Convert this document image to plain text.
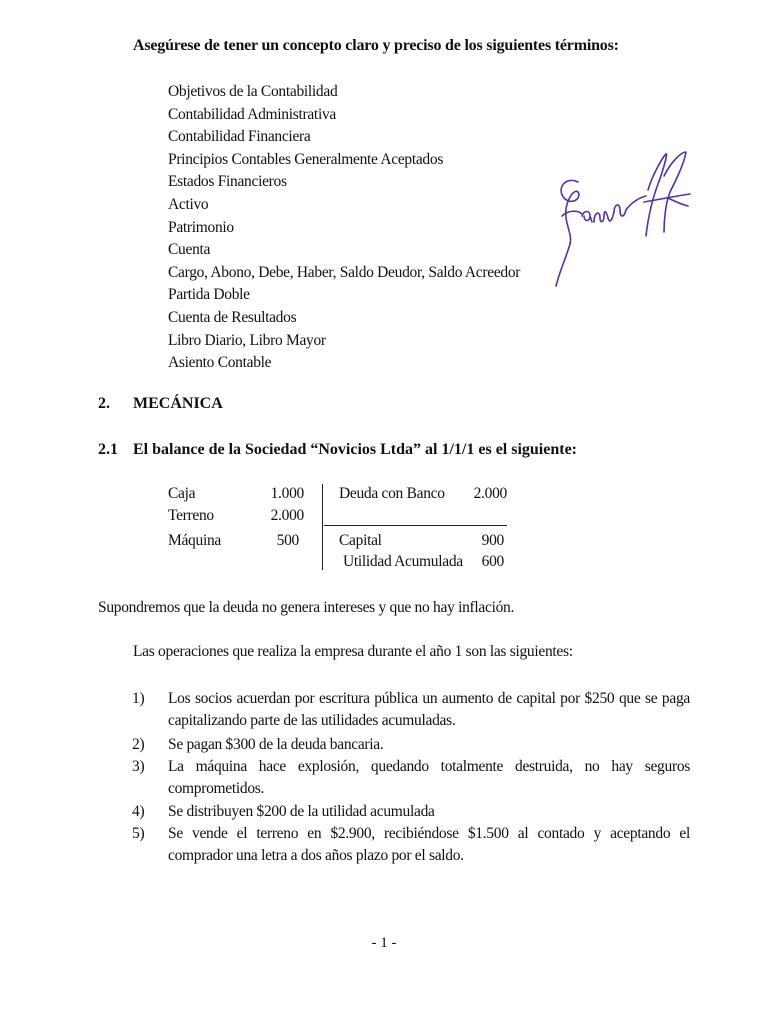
Asegúrese de tener un concepto claro y preciso de los siguientes términos:
Objetivos de la Contabilidad
Contabilidad Administrativa
Contabilidad Financiera
Principios Contables Generalmente Aceptados
Estados Financieros
Activo
Patrimonio
Cuenta
Cargo, Abono, Debe, Haber, Saldo Deudor, Saldo Acreedor
Partida Doble
Cuenta de Resultados
Libro Diario, Libro Mayor
Asiento Contable
2. MECÁNICA
2.1 El balance de la Sociedad “Novicios Ltda” al 1/1/1 es el siguiente:
Caja	1.000
Terreno	2.000
Máquina	500
Deuda con Banco	2.000
Capital	900
Utilidad Acumulada	600
Supondremos que la deuda no genera intereses y que no hay inflación.
Las operaciones que realiza la empresa durante el año 1 son las siguientes:
1) Los socios acuerdan por escritura pública un aumento de capital por $250 que se paga capitalizando parte de las utilidades acumuladas.
2) Se pagan $300 de la deuda bancaria.
3) La máquina hace explosión, quedando totalmente destruida, no hay seguros comprometidos.
4) Se distribuyen $200 de la utilidad acumulada
5) Se vende el terreno en $2.900, recibiéndose $1.500 al contado y aceptando el comprador una letra a dos años plazo por el saldo.
- 1 -
